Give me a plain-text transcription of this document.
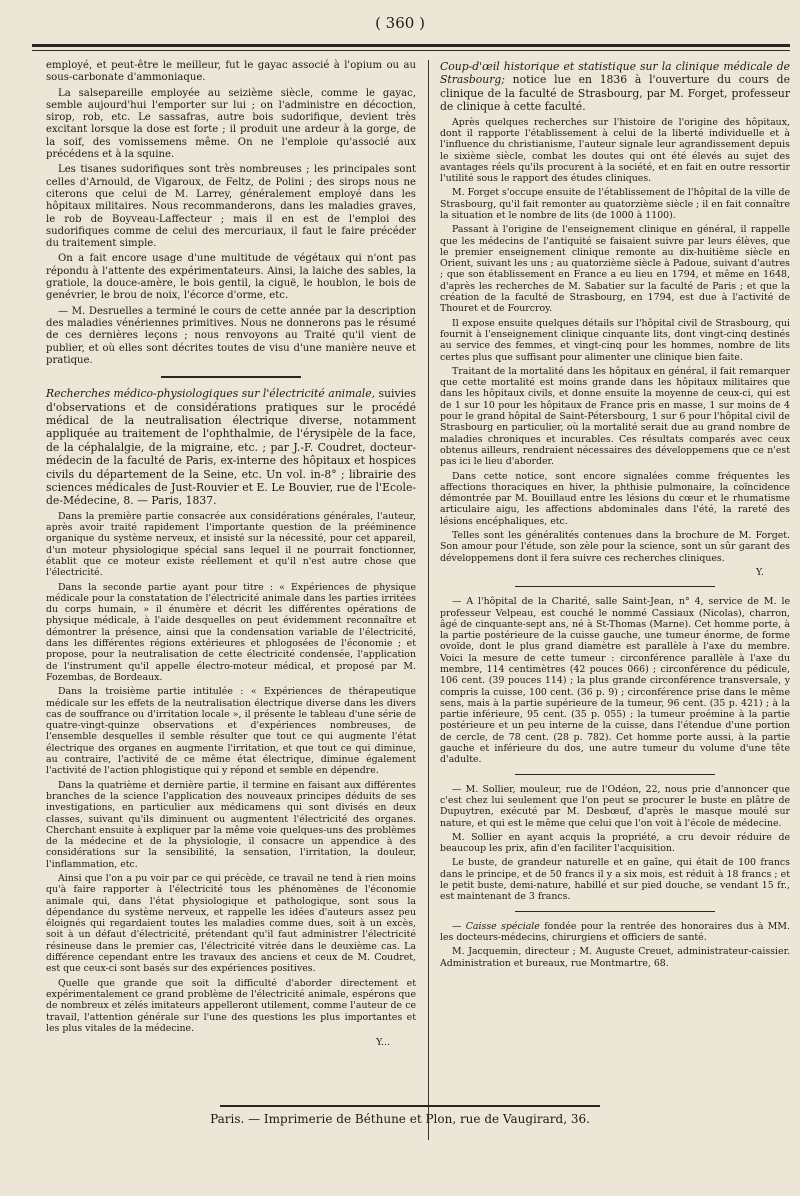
( 360 )

employé, et peut-être le meilleur, fut le gayac associé à l'opium ou au sous-carbonate d'ammoniaque.

La salsepareille employée au seizième siècle, comme le gayac, semble aujourd'hui l'emporter sur lui ; on l'administre en décoction, sirop, rob, etc. Le sassafras, autre bois sudorifique, devient très excitant lorsque la dose est forte ; il produit une ardeur à la gorge, de la soif, des vomissemens même. On ne l'emploie qu'associé aux précédens et à la squine.

Les tisanes sudorifiques sont très nombreuses ; les principales sont celles d'Arnould, de Vigaroux, de Feltz, de Polini ; des sirops nous ne citerons que celui de M. Larrey, généralement employé dans les hôpitaux militaires. Nous recommanderons, dans les maladies graves, le rob de Boyveau-Laffecteur ; mais il en est de l'emploi des sudorifiques comme de celui des mercuriaux, il faut le faire précéder du traitement simple.

On a fait encore usage d'une multitude de végétaux qui n'ont pas répondu à l'attente des expérimentateurs. Ainsi, la laiche des sables, la gratiole, la douce-amère, le bois gentil, la ciguë, le houblon, le bois de genévrier, le brou de noix, l'écorce d'orme, etc.

— M. Desruelles a terminé le cours de cette année par la description des maladies vénériennes primitives. Nous ne donnerons pas le résumé de ces dernières leçons ; nous renvoyons au Traité qu'il vient de publier, et où elles sont décrites toutes de visu d'une manière neuve et pratique.

Recherches médico-physiologiques sur l'électricité animale, suivies d'observations et de considérations pratiques sur le procédé médical de la neutralisation électrique diverse, notamment appliquée au traitement de l'ophthalmie, de l'érysipèle de la face, de la céphalalgie, de la migraine, etc. ; par J.-F. Coudret, docteur-médecin de la faculté de Paris, ex-interne des hôpitaux et hospices civils du département de la Seine, etc. Un vol. in-8° ; librairie des sciences médicales de Just-Rouvier et E. Le Bouvier, rue de l'Ecole-de-Médecine, 8. — Paris, 1837.

Dans la première partie consacrée aux considérations générales, l'auteur, après avoir traité rapidement l'importante question de la prééminence organique du système nerveux, et insisté sur la nécessité, pour cet appareil, d'un moteur physiologique spécial sans lequel il ne pourrait fonctionner, établit que ce moteur existe réellement et qu'il n'est autre chose que l'électricité.

Dans la seconde partie ayant pour titre : « Expériences de physique médicale pour la constatation de l'électricité animale dans les parties irritées du corps humain, » il énumère et décrit les différentes opérations de physique médicale, à l'aide desquelles on peut évidemment reconnaître et démontrer la présence, ainsi que la condensation variable de l'électricité, dans les différentes régions extérieures et phlogosées de l'économie ; et propose, pour la neutralisation de cette électricité condensée, l'application de l'instrument qu'il appelle électro-moteur médical, et proposé par M. Fozembas, de Bordeaux.

Dans la troisième partie intitulée : « Expériences de thérapeutique médicale sur les effets de la neutralisation électrique diverse dans les divers cas de souffrance ou d'irritation locale », il présente le tableau d'une série de quatre-vingt-quinze observations et d'expériences nombreuses, de l'ensemble desquelles il semble résulter que tout ce qui augmente l'état électrique des organes en augmente l'irritation, et que tout ce qui diminue, au contraire, l'activité de ce même état électrique, diminue également l'activité de l'action phlogistique qui y répond et semble en dépendre.

Dans la quatrième et dernière partie, il termine en faisant aux différentes branches de la science l'application des nouveaux principes déduits de ses investigations, en particulier aux médicamens qui sont divisés en deux classes, suivant qu'ils diminuent ou augmentent l'électricité des organes. Cherchant ensuite à expliquer par la même voie quelques-uns des problèmes de la médecine et de la physiologie, il consacre un appendice à des considérations sur la sensibilité, la sensation, l'irritation, la douleur, l'inflammation, etc.

Ainsi que l'on a pu voir par ce qui précède, ce travail ne tend à rien moins qu'à faire rapporter à l'électricité tous les phénomènes de l'économie animale qui, dans l'état physiologique et pathologique, sont sous la dépendance du système nerveux, et rappelle les idées d'auteurs assez peu éloignés qui regardaient toutes les maladies comme dues, soit à un excès, soit à un défaut d'électricité, prétendant qu'il faut administrer l'électricité résineuse dans le premier cas, l'électricité vitrée dans le deuxième cas. La différence cependant entre les travaux des anciens et ceux de M. Coudret, est que ceux-ci sont basés sur des expériences positives.

Quelle que grande que soit la difficulté d'aborder directement et expérimentalement ce grand problème de l'électricité animale, espérons que de nombreux et zélés imitateurs appelleront utilement, comme l'auteur de ce travail, l'attention générale sur l'une des questions les plus importantes et les plus vitales de la médecine.

Y...

Coup-d'œil historique et statistique sur la clinique médicale de Strasbourg; notice lue en 1836 à l'ouverture du cours de clinique de la faculté de Strasbourg, par M. Forget, professeur de clinique à cette faculté.

Après quelques recherches sur l'histoire de l'origine des hôpitaux, dont il rapporte l'établissement à celui de la liberté individuelle et à l'influence du christianisme, l'auteur signale leur agrandissement depuis le sixième siècle, combat les doutes qui ont été élevés au sujet des avantages réels qu'ils procurent à la société, et en fait en outre ressortir l'utilité sous le rapport des études cliniques.

M. Forget s'occupe ensuite de l'établissement de l'hôpital de la ville de Strasbourg, qu'il fait remonter au quatorzième siècle ; il en fait connaître la situation et le nombre de lits (de 1000 à 1100).

Passant à l'origine de l'enseignement clinique en général, il rappelle que les médecins de l'antiquité se faisaient suivre par leurs élèves, que le premier enseignement clinique remonte au dix-huitième siècle en Orient, suivant les uns ; au quatorzième siècle à Padoue, suivant d'autres ; que son établissement en France a eu lieu en 1794, et même en 1648, d'après les recherches de M. Sabatier sur la faculté de Paris ; et que la création de la faculté de Strasbourg, en 1794, est due à l'activité de Thouret et de Fourcroy.

Il expose ensuite quelques détails sur l'hôpital civil de Strasbourg, qui fournit à l'enseignement clinique cinquante lits, dont vingt-cinq destinés au service des femmes, et vingt-cinq pour les hommes, nombre de lits certes plus que suffisant pour alimenter une clinique bien faite.

Traitant de la mortalité dans les hôpitaux en général, il fait remarquer que cette mortalité est moins grande dans les hôpitaux militaires que dans les hôpitaux civils, et donne ensuite la moyenne de ceux-ci, qui est de 1 sur 10 pour les hôpitaux de France pris en masse, 1 sur moins de 4 pour le grand hôpital de Saint-Pétersbourg, 1 sur 6 pour l'hôpital civil de Strasbourg en particulier, où la mortalité serait due au grand nombre de maladies chroniques et incurables. Ces résultats comparés avec ceux obtenus ailleurs, rendraient nécessaires des développemens que ce n'est pas ici le lieu d'aborder.

Dans cette notice, sont encore signalées comme fréquentes les affections thoraciques en hiver, la phthisie pulmonaire, la coïncidence démontrée par M. Bouillaud entre les lésions du cœur et le rhumatisme articulaire aigu, les affections abdominales dans l'été, la rareté des lésions encéphaliques, etc.

Telles sont les généralités contenues dans la brochure de M. Forget. Son amour pour l'étude, son zèle pour la science, sont un sûr garant des développemens dont il fera suivre ces recherches cliniques.

Y.

— A l'hôpital de la Charité, salle Saint-Jean, n° 4, service de M. le professeur Velpeau, est couché le nommé Cassiaux (Nicolas), charron, âgé de cinquante-sept ans, né à St-Thomas (Marne). Cet homme porte, à la partie postérieure de la cuisse gauche, une tumeur énorme, de forme ovoïde, dont le plus grand diamètre est parallèle à l'axe du membre. Voici la mesure de cette tumeur : circonférence parallèle à l'axe du membre, 114 centimètres (42 pouces 066) ; circonférence du pédicule, 106 cent. (39 pouces 114) ; la plus grande circonférence transversale, y compris la cuisse, 100 cent. (36 p. 9) ; circonférence prise dans le même sens, mais à la partie supérieure de la tumeur, 96 cent. (35 p. 421) ; à la partie inférieure, 95 cent. (35 p. 055) ; la tumeur proémine à la partie postérieure et un peu interne de la cuisse, dans l'étendue d'une portion de cercle, de 78 cent. (28 p. 782). Cet homme porte aussi, à la partie gauche et inférieure du dos, une autre tumeur du volume d'une tête d'adulte.

— M. Sollier, mouleur, rue de l'Odéon, 22, nous prie d'annoncer que c'est chez lui seulement que l'on peut se procurer le buste en plâtre de Dupuytren, exécuté par M. Desbœuf, d'après le masque moulé sur nature, et qui est le même que celui que l'on voit à l'école de médecine.

M. Sollier en ayant acquis la propriété, a cru devoir réduire de beaucoup les prix, afin d'en faciliter l'acquisition.

Le buste, de grandeur naturelle et en gaîne, qui était de 100 francs dans le principe, et de 50 francs il y a six mois, est réduit à 18 francs ; et le petit buste, demi-nature, habillé et sur pied douche, se vendant 15 fr., est maintenant de 3 francs.

— Caisse spéciale fondée pour la rentrée des honoraires dus à MM. les docteurs-médecins, chirurgiens et officiers de santé.

M. Jacquemin, directeur ; M. Auguste Creuet, administrateur-caissier. Administration et bureaux, rue Montmartre, 68.

Paris. — Imprimerie de Béthune et Plon, rue de Vaugirard, 36.
